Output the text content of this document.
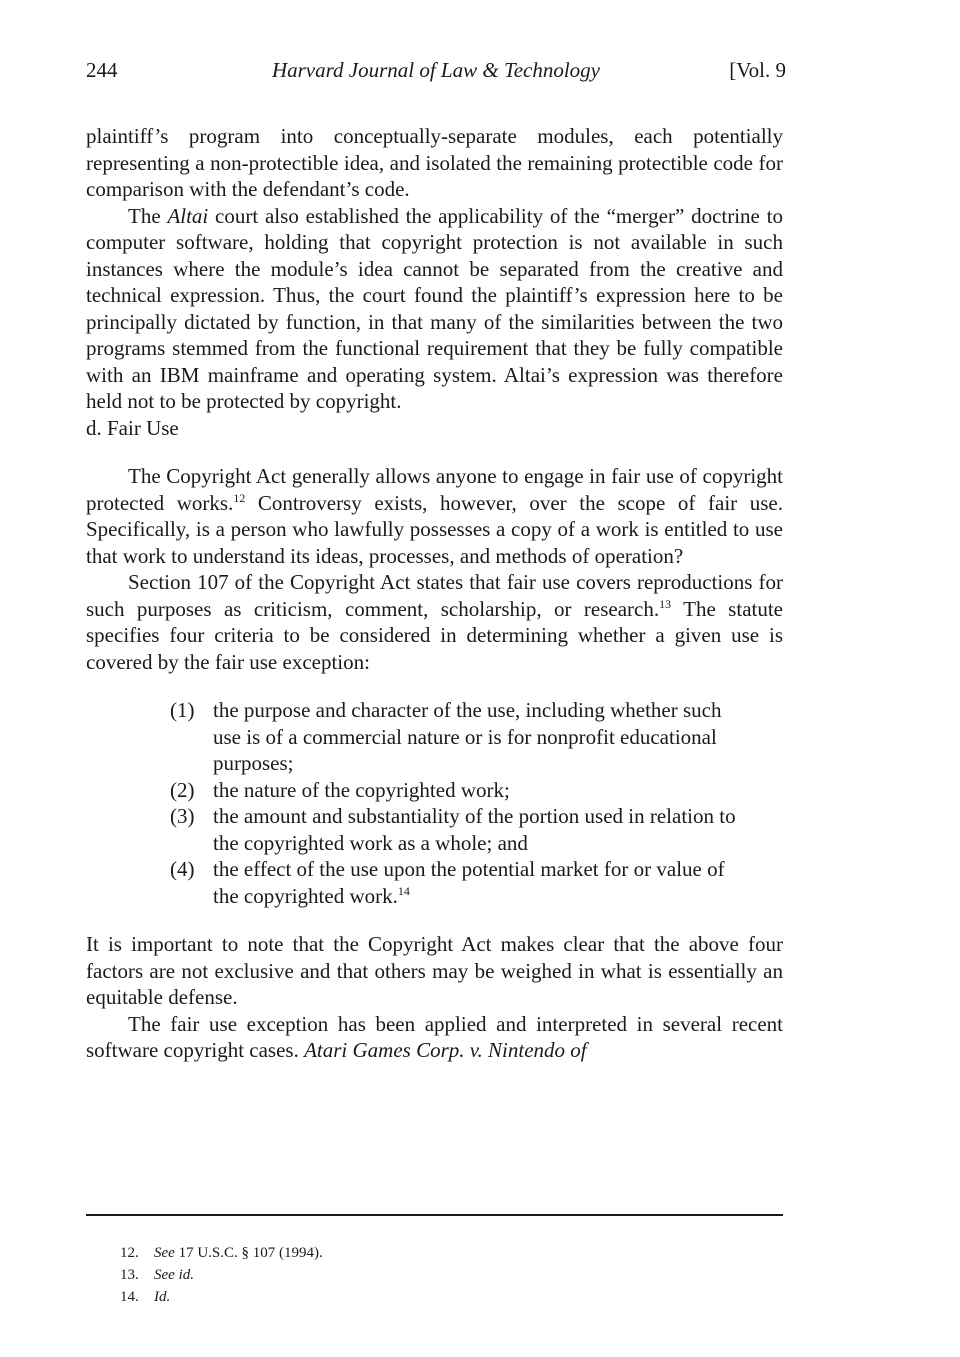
244	Harvard Journal of Law & Technology	[Vol. 9

plaintiff’s program into conceptually-separate modules, each potentially representing a non-protectible idea, and isolated the remaining protectible code for comparison with the defendant’s code.

The Altai court also established the applicability of the “merger” doctrine to computer software, holding that copyright protection is not available in such instances where the module’s idea cannot be separated from the creative and technical expression. Thus, the court found the plaintiff’s expression here to be principally dictated by function, in that many of the similarities between the two programs stemmed from the functional requirement that they be fully compatible with an IBM mainframe and operating system. Altai’s expression was therefore held not to be protected by copyright.

d. Fair Use

The Copyright Act generally allows anyone to engage in fair use of copyright protected works.$^{12}$ Controversy exists, however, over the scope of fair use. Specifically, is a person who lawfully possesses a copy of a work is entitled to use that work to understand its ideas, processes, and methods of operation?

Section 107 of the Copyright Act states that fair use covers reproductions for such purposes as criticism, comment, scholarship, or research.$^{13}$ The statute specifies four criteria to be considered in determining whether a given use is covered by the fair use exception:

(1) the purpose and character of the use, including whether such use is of a commercial nature or is for nonprofit educational purposes;
(2) the nature of the copyrighted work;
(3) the amount and substantiality of the portion used in relation to the copyrighted work as a whole; and
(4) the effect of the use upon the potential market for or value of the copyrighted work.$^{14}$

It is important to note that the Copyright Act makes clear that the above four factors are not exclusive and that others may be weighed in what is essentially an equitable defense.

The fair use exception has been applied and interpreted in several recent software copyright cases. Atari Games Corp. v. Nintendo of

12. See 17 U.S.C. § 107 (1994).
13. See id.
14. Id.
